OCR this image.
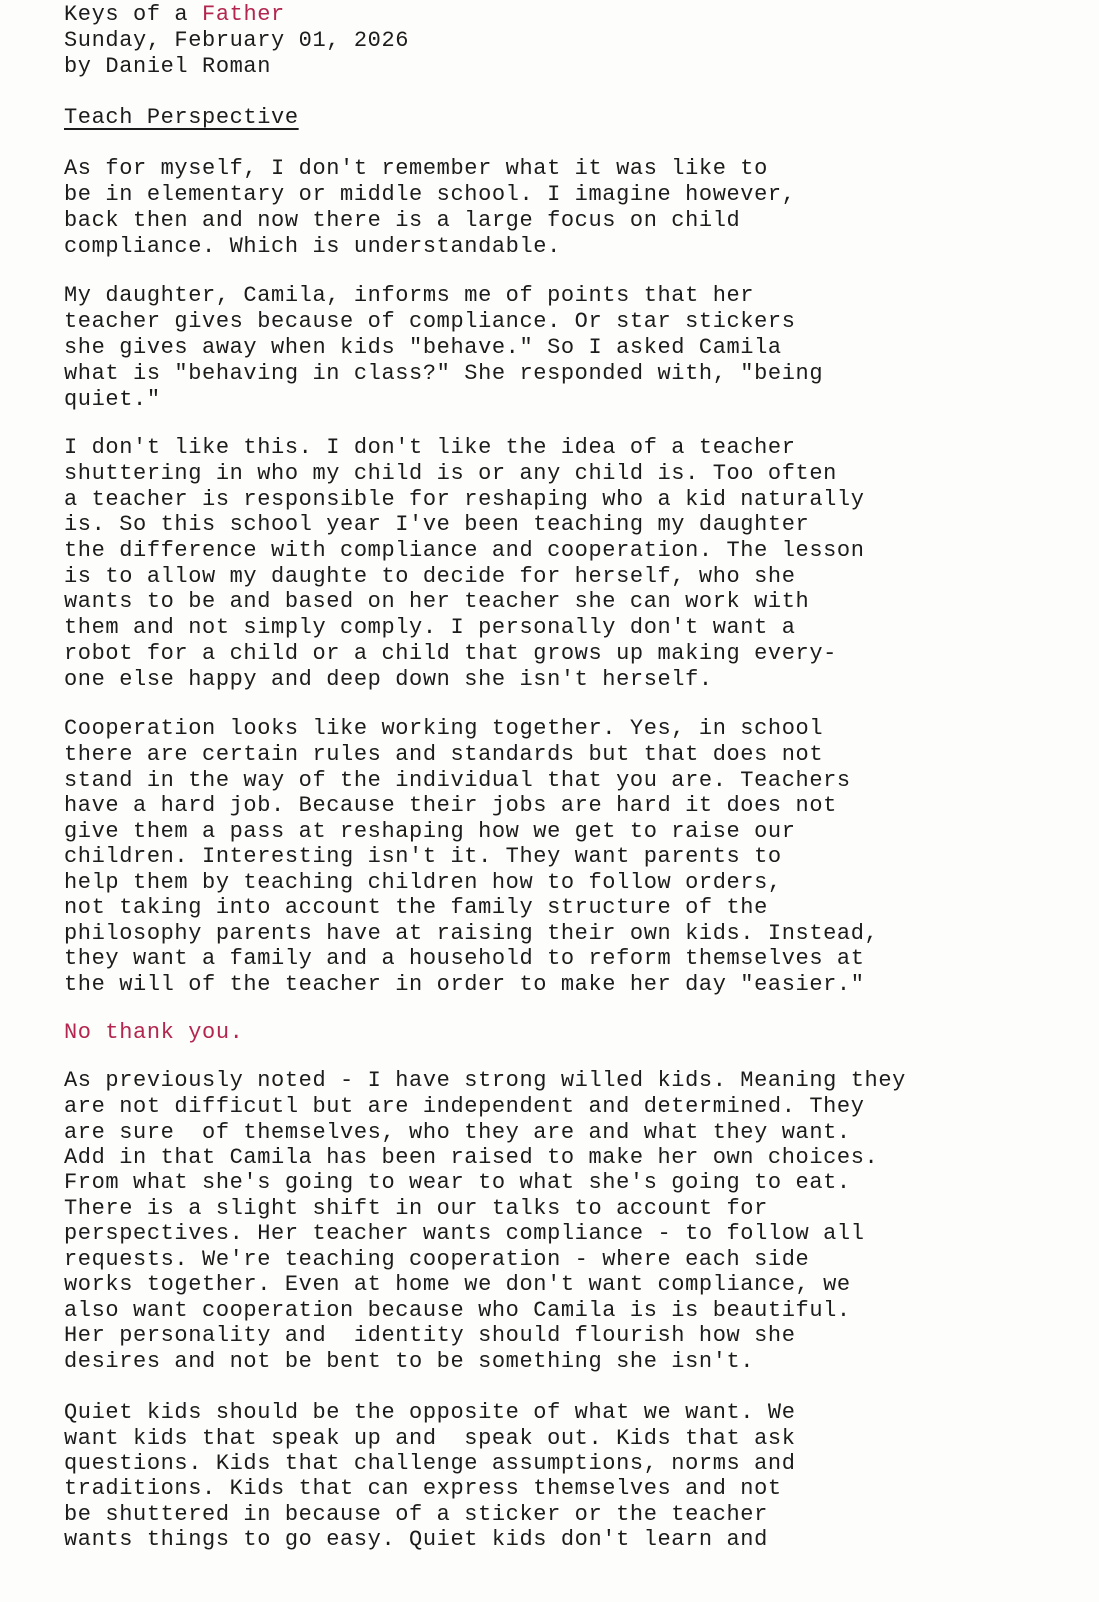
Keys of a Father
Sunday, February 01, 2026
by Daniel Roman
Teach Perspective
As for myself, I don't remember what it was like to
be in elementary or middle school. I imagine however,
back then and now there is a large focus on child
compliance. Which is understandable.
My daughter, Camila, informs me of points that her
teacher gives because of compliance. Or star stickers
she gives away when kids "behave." So I asked Camila
what is "behaving in class?" She responded with, "being
quiet."
I don't like this. I don't like the idea of a teacher
shuttering in who my child is or any child is. Too often
a teacher is responsible for reshaping who a kid naturally
is. So this school year I've been teaching my daughter
the difference with compliance and cooperation. The lesson
is to allow my daughte to decide for herself, who she
wants to be and based on her teacher she can work with
them and not simply comply. I personally don't want a
robot for a child or a child that grows up making every-
one else happy and deep down she isn't herself.
Cooperation looks like working together. Yes, in school
there are certain rules and standards but that does not
stand in the way of the individual that you are. Teachers
have a hard job. Because their jobs are hard it does not
give them a pass at reshaping how we get to raise our
children. Interesting isn't it. They want parents to
help them by teaching children how to follow orders,
not taking into account the family structure of the
philosophy parents have at raising their own kids. Instead,
they want a family and a household to reform themselves at
the will of the teacher in order to make her day "easier."
No thank you.
As previously noted - I have strong willed kids. Meaning they
are not difficutl but are independent and determined. They
are sure  of themselves, who they are and what they want.
Add in that Camila has been raised to make her own choices.
From what she's going to wear to what she's going to eat.
There is a slight shift in our talks to account for
perspectives. Her teacher wants compliance - to follow all
requests. We're teaching cooperation - where each side
works together. Even at home we don't want compliance, we
also want cooperation because who Camila is is beautiful.
Her personality and  identity should flourish how she
desires and not be bent to be something she isn't.
Quiet kids should be the opposite of what we want. We
want kids that speak up and  speak out. Kids that ask
questions. Kids that challenge assumptions, norms and
traditions. Kids that can express themselves and not
be shuttered in because of a sticker or the teacher
wants things to go easy. Quiet kids don't learn and
